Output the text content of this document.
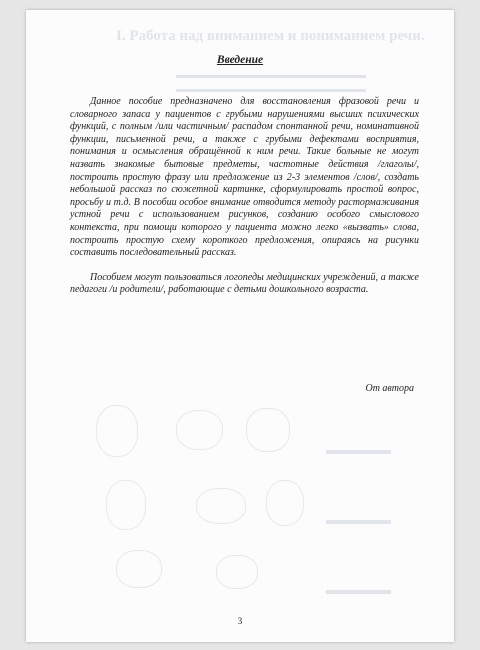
І. Работа над вниманием и пониманием речи.
▬▬▬▬▬▬▬▬▬▬▬▬▬▬▬▬▬▬▬
▬▬▬▬▬▬▬▬▬▬▬▬▬▬▬▬▬▬▬
▬▬▬▬▬
▬▬▬▬▬
▬▬▬▬▬
Введение

Данное пособие предназначено для восстановления фразовой речи и словарного запаса у пациентов с грубыми нарушениями высших психических функций, с полным /или частичным/ распадом спонтанной речи, номинативной функции, письменной речи, а также с грубыми дефектами восприятия, понимания и осмысления обращённой к ним речи. Такие больные не могут назвать знакомые бытовые предметы, частотные действия /глаголы/, построить простую фразу или предложение из 2-3 элементов /слов/, создать небольшой рассказ по сюжетной картинке, сформулировать простой вопрос, просьбу и т.д. В пособии особое внимание отводится методу растормаживания устной речи с использованием рисунков, созданию особого смыслового контекста, при помощи которого у пациента можно легко «вызвать» слова, построить простую схему короткого предложения, опираясь на рисунки составить последовательный рассказ.

Пособием могут пользоваться логопеды медицинских учреждений, а также педагоги /и родители/, работающие с детьми дошкольного возраста.

От автора
3
